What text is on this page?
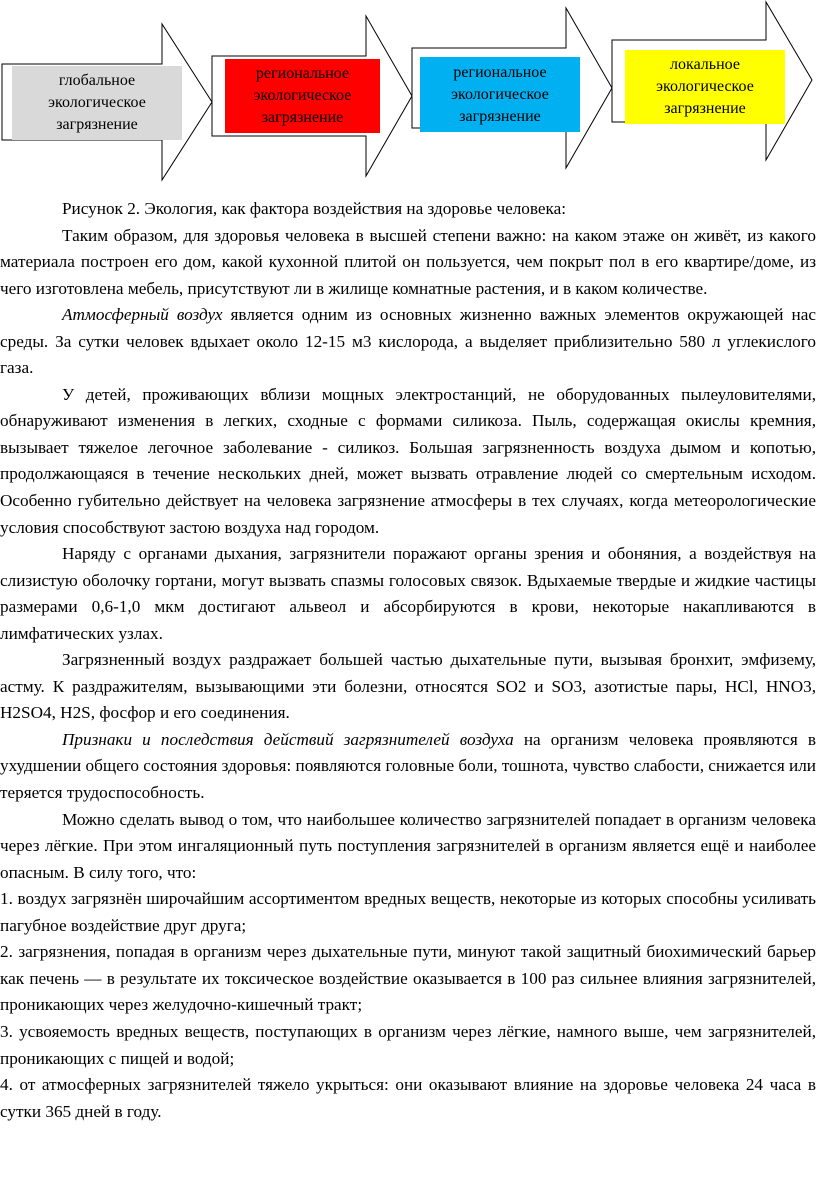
глобальное экологическое загрязнение
региональное экологическое загрязнение
региональное экологическое загрязнение
локальное экологическое загрязнение

Рисунок 2. Экология, как фактора воздействия на здоровье человека:

Таким образом, для здоровья человека в высшей степени важно: на каком этаже он живёт, из какого материала построен его дом, какой кухонной плитой он пользуется, чем покрыт пол в его квартире/доме, из чего изготовлена мебель, присутствуют ли в жилище комнатные растения, и в каком количестве.

Атмосферный воздух является одним из основных жизненно важных элементов окружающей нас среды. За сутки человек вдыхает около 12-15 м3 кислорода, а выделяет приблизительно 580 л углекислого газа.

У детей, проживающих вблизи мощных электростанций, не оборудованных пылеуловителями, обнаруживают изменения в легких, сходные с формами силикоза. Пыль, содержащая окислы кремния, вызывает тяжелое легочное заболевание - силикоз. Большая загрязненность воздуха дымом и копотью, продолжающаяся в течение нескольких дней, может вызвать отравление людей со смертельным исходом. Особенно губительно действует на человека загрязнение атмосферы в тех случаях, когда метеорологические условия способствуют застою воздуха над городом.

Наряду с органами дыхания, загрязнители поражают органы зрения и обоняния, а воздействуя на слизистую оболочку гортани, могут вызвать спазмы голосовых связок. Вдыхаемые твердые и жидкие частицы размерами 0,6-1,0 мкм достигают альвеол и абсорбируются в крови, некоторые накапливаются в лимфатических узлах.

Загрязненный воздух раздражает большей частью дыхательные пути, вызывая бронхит, эмфизему, астму. К раздражителям, вызывающими эти болезни, относятся SO2 и SO3, азотистые пары, HCl, HNO3, H2SO4, H2S, фосфор и его соединения.

Признаки и последствия действий загрязнителей воздуха на организм человека проявляются в ухудшении общего состояния здоровья: появляются головные боли, тошнота, чувство слабости, снижается или теряется трудоспособность.

Можно сделать вывод о том, что наибольшее количество загрязнителей попадает в организм человека через лёгкие. При этом ингаляционный путь поступления загрязнителей в организм является ещё и наиболее опасным. В силу того, что:

1. воздух загрязнён широчайшим ассортиментом вредных веществ, некоторые из которых способны усиливать пагубное воздействие друг друга;

2. загрязнения, попадая в организм через дыхательные пути, минуют такой защитный биохимический барьер как печень — в результате их токсическое воздействие оказывается в 100 раз сильнее влияния загрязнителей, проникающих через желудочно-кишечный тракт;

3. усвояемость вредных веществ, поступающих в организм через лёгкие, намного выше, чем загрязнителей, проникающих с пищей и водой;

4. от атмосферных загрязнителей тяжело укрыться: они оказывают влияние на здоровье человека 24 часа в сутки 365 дней в году.
